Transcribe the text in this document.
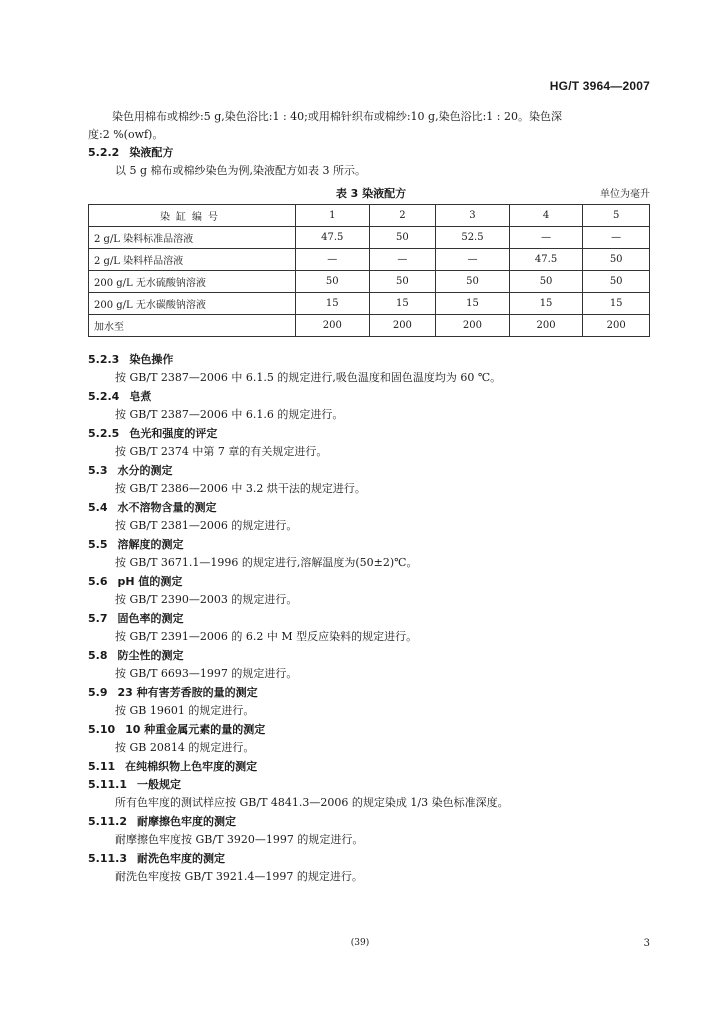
HG/T 3964—2007

染色用棉布或棉纱:5 g,染色浴比:1 : 40;或用棉针织布或棉纱:10 g,染色浴比:1 : 20。染色深

度:2 %(owf)。

5.2.2 染液配方

以 5 g 棉布或棉纱染色为例,染液配方如表 3 所示。

表 3 染液配方	单位为毫升
染缸编号	1	2	3	4	5
2 g/L 染料标准品溶液	47.5	50	52.5	—	—
2 g/L 染料样品溶液	—	—	—	47.5	50
200 g/L 无水硫酸钠溶液	50	50	50	50	50
200 g/L 无水碳酸钠溶液	15	15	15	15	15
加水至	200	200	200	200	200

5.2.3 染色操作

按 GB/T 2387—2006 中 6.1.5 的规定进行,吸色温度和固色温度均为 60 ℃。

5.2.4 皂煮

按 GB/T 2387—2006 中 6.1.6 的规定进行。

5.2.5 色光和强度的评定

按 GB/T 2374 中第 7 章的有关规定进行。

5.3 水分的测定

按 GB/T 2386—2006 中 3.2 烘干法的规定进行。

5.4 水不溶物含量的测定

按 GB/T 2381—2006 的规定进行。

5.5 溶解度的测定

按 GB/T 3671.1—1996 的规定进行,溶解温度为(50±2)℃。

5.6 pH 值的测定

按 GB/T 2390—2003 的规定进行。

5.7 固色率的测定

按 GB/T 2391—2006 的 6.2 中 M 型反应染料的规定进行。

5.8 防尘性的测定

按 GB/T 6693—1997 的规定进行。

5.9 23 种有害芳香胺的量的测定

按 GB 19601 的规定进行。

5.10 10 种重金属元素的量的测定

按 GB 20814 的规定进行。

5.11 在纯棉织物上色牢度的测定

5.11.1 一般规定

所有色牢度的测试样应按 GB/T 4841.3—2006 的规定染成 1/3 染色标准深度。

5.11.2 耐摩擦色牢度的测定

耐摩擦色牢度按 GB/T 3920—1997 的规定进行。

5.11.3 耐洗色牢度的测定

耐洗色牢度按 GB/T 3921.4—1997 的规定进行。

(39)	3
